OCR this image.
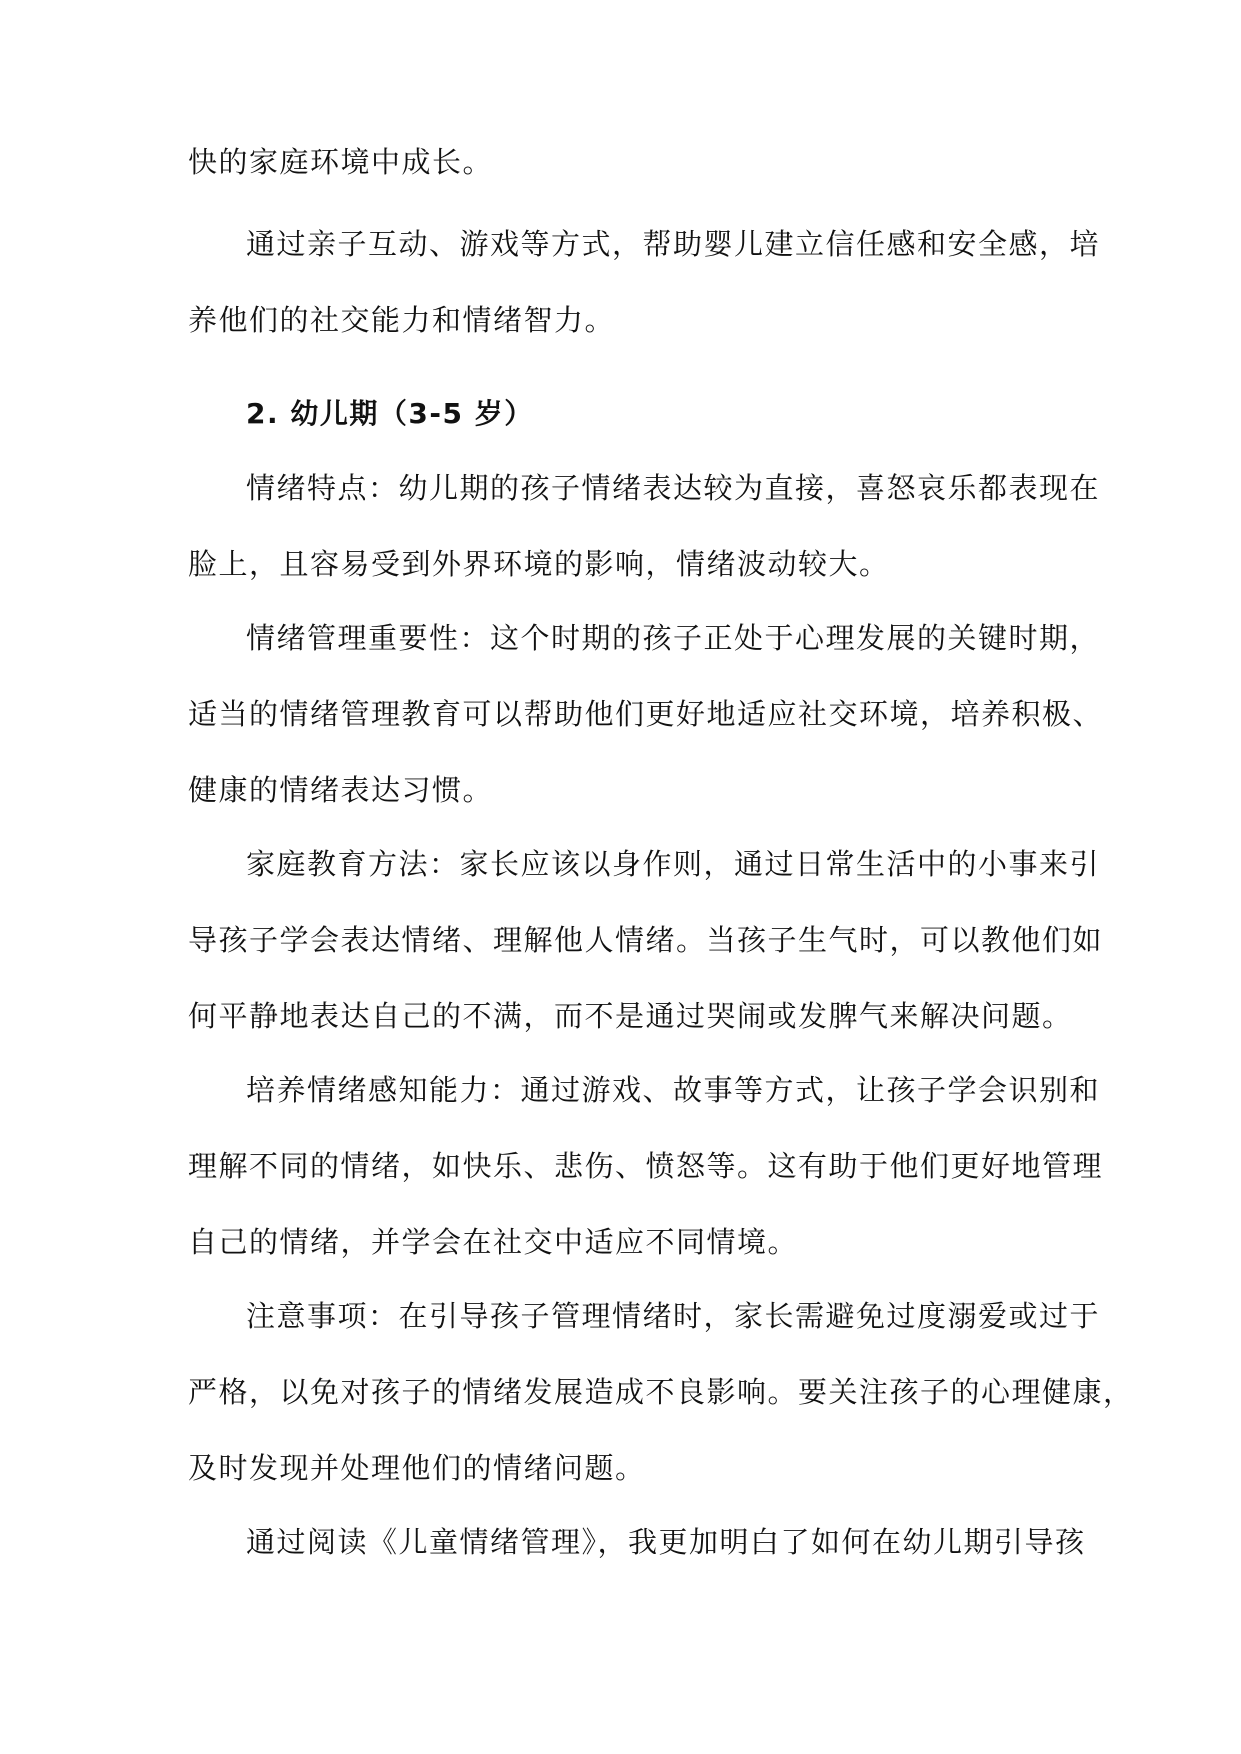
快的家庭环境中成长。

通过亲子互动、游戏等方式，帮助婴儿建立信任感和安全感，培

养他们的社交能力和情绪智力。

2. 幼儿期（3-5 岁）

情绪特点：幼儿期的孩子情绪表达较为直接，喜怒哀乐都表现在

脸上，且容易受到外界环境的影响，情绪波动较大。

情绪管理重要性：这个时期的孩子正处于心理发展的关键时期，

适当的情绪管理教育可以帮助他们更好地适应社交环境，培养积极、

健康的情绪表达习惯。

家庭教育方法：家长应该以身作则，通过日常生活中的小事来引

导孩子学会表达情绪、理解他人情绪。当孩子生气时，可以教他们如

何平静地表达自己的不满，而不是通过哭闹或发脾气来解决问题。

培养情绪感知能力：通过游戏、故事等方式，让孩子学会识别和

理解不同的情绪，如快乐、悲伤、愤怒等。这有助于他们更好地管理

自己的情绪，并学会在社交中适应不同情境。

注意事项：在引导孩子管理情绪时，家长需避免过度溺爱或过于

严格，以免对孩子的情绪发展造成不良影响。要关注孩子的心理健康，

及时发现并处理他们的情绪问题。

通过阅读《儿童情绪管理》，我更加明白了如何在幼儿期引导孩
